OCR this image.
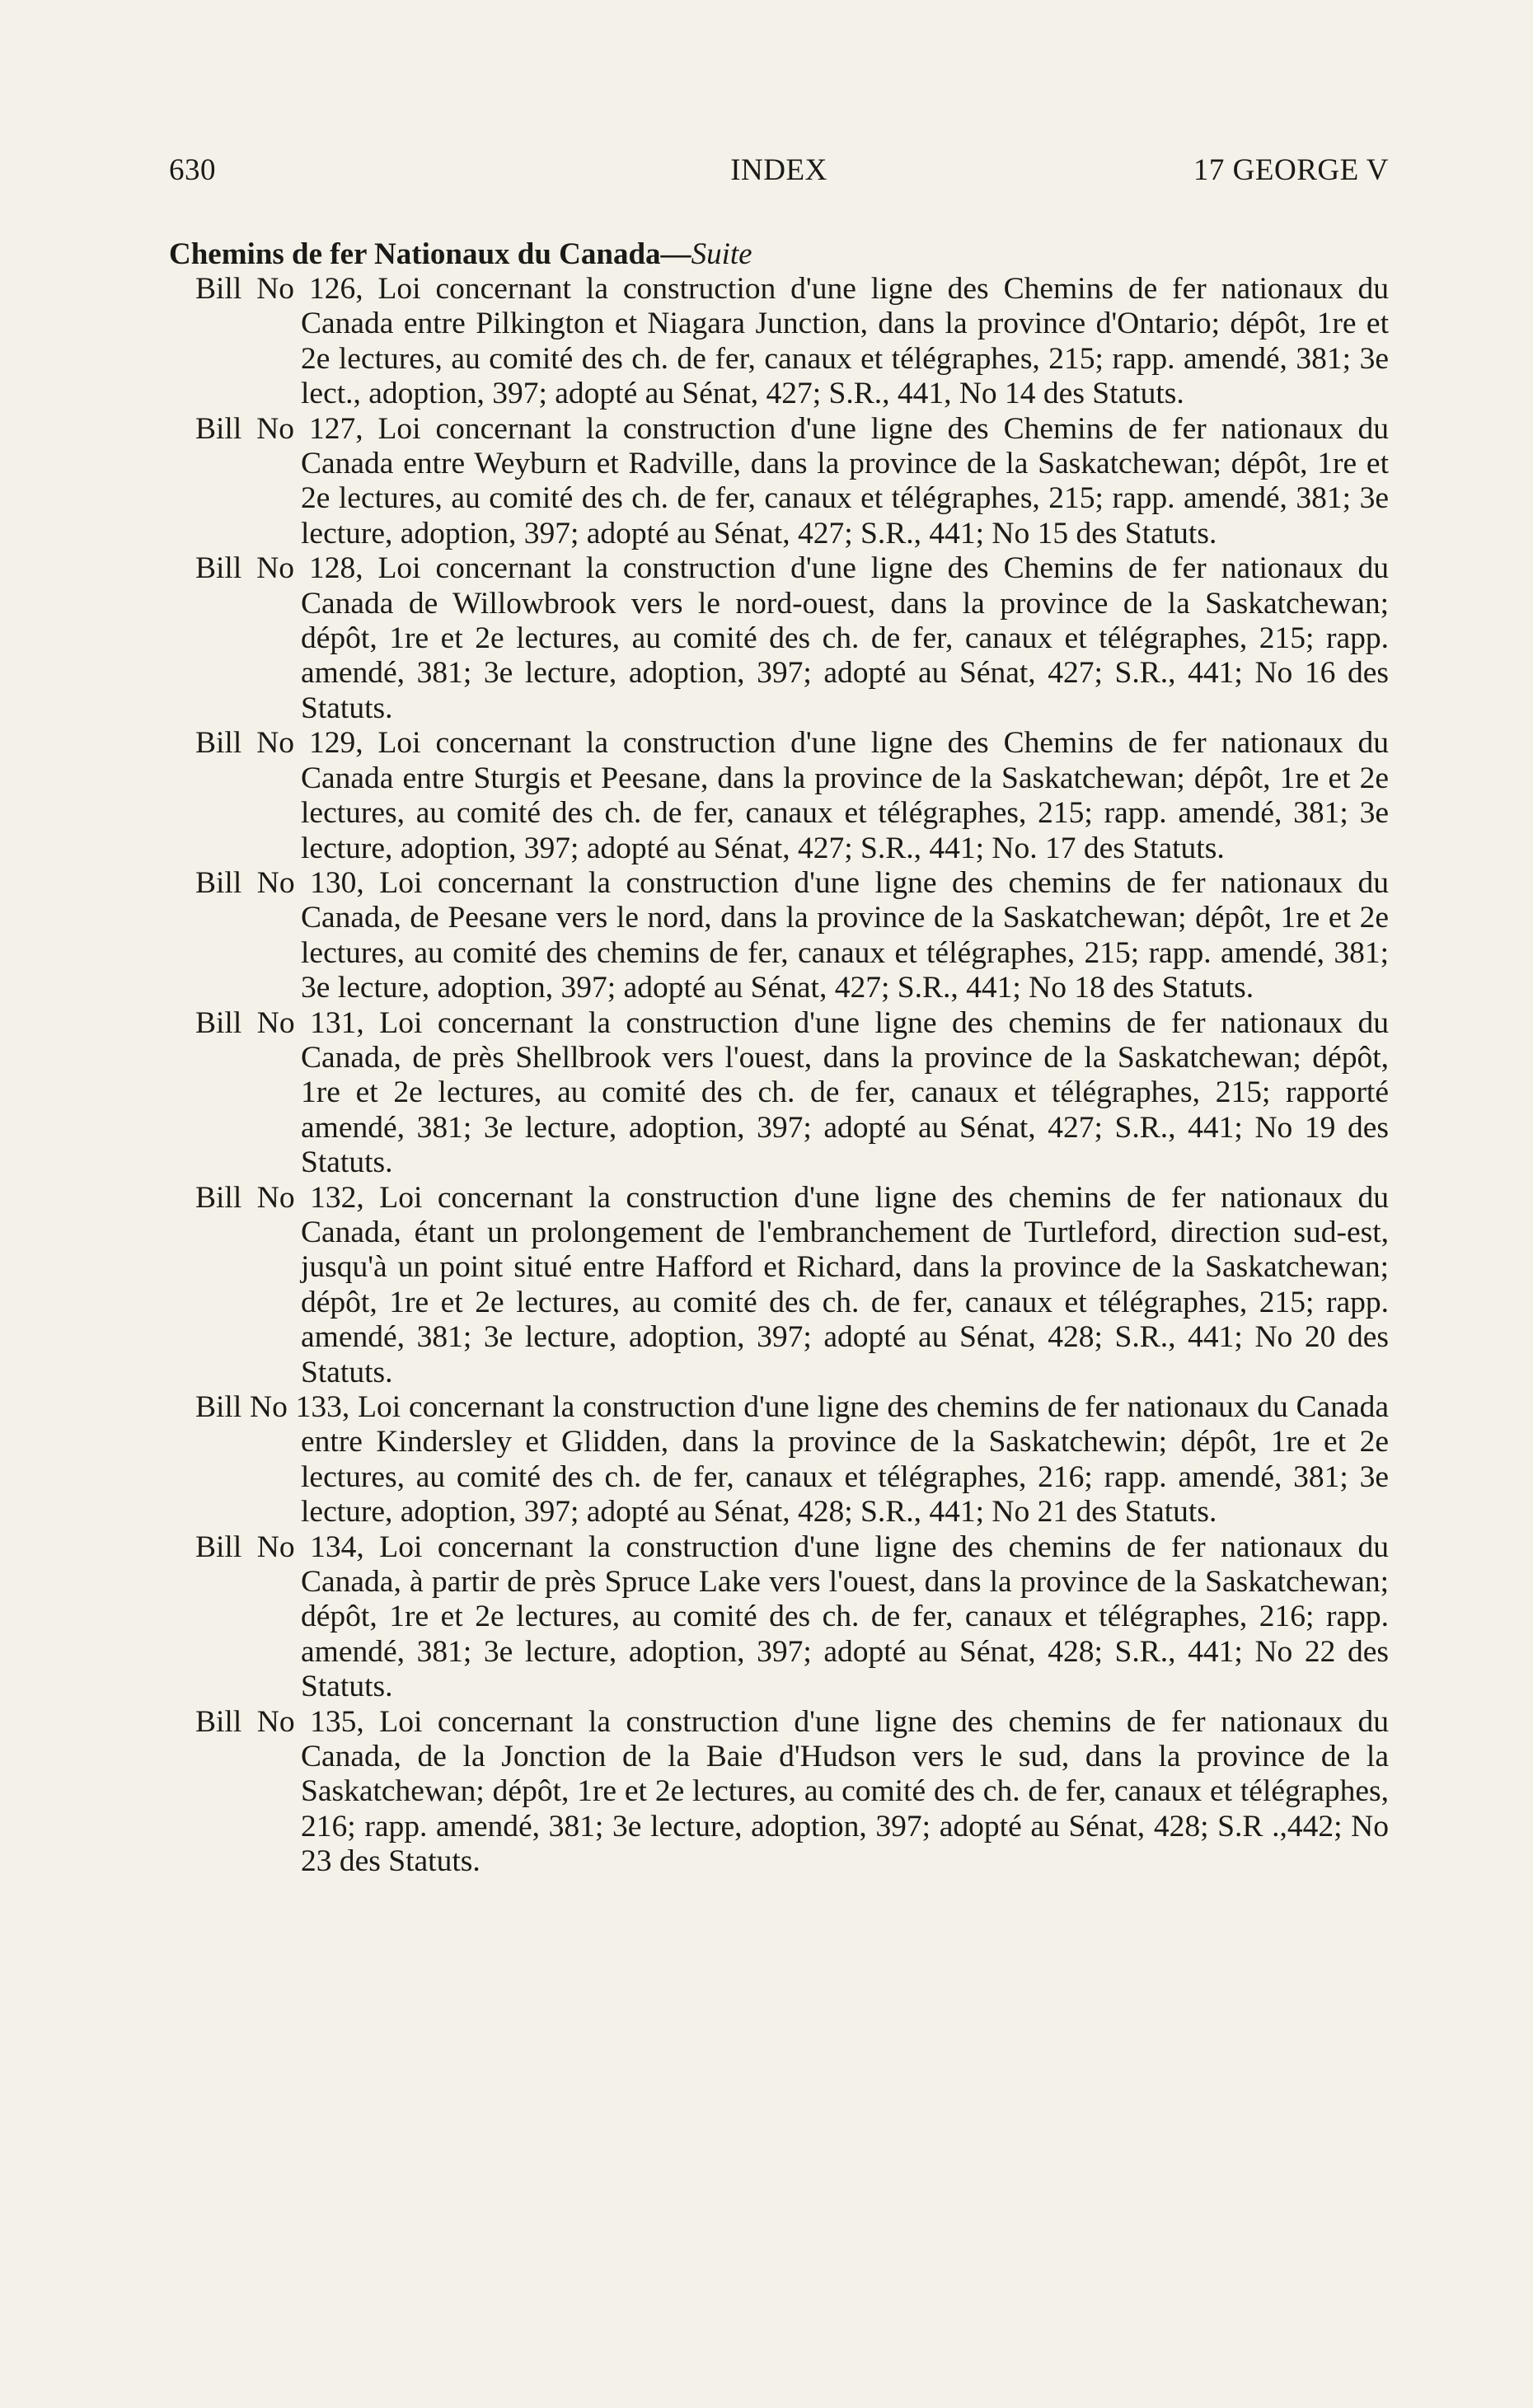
630	INDEX	17 GEORGE V
Chemins de fer Nationaux du Canada—Suite

Bill No 126, Loi concernant la construction d'une ligne des Chemins de fer nationaux du Canada entre Pilkington et Niagara Junction, dans la province d'Ontario; dépôt, 1re et 2e lectures, au comité des ch. de fer, canaux et télégraphes, 215; rapp. amendé, 381; 3e lect., adoption, 397; adopté au Sénat, 427; S.R., 441, No 14 des Statuts.

Bill No 127, Loi concernant la construction d'une ligne des Chemins de fer nationaux du Canada entre Weyburn et Radville, dans la province de la Saskatchewan; dépôt, 1re et 2e lectures, au comité des ch. de fer, canaux et télégraphes, 215; rapp. amendé, 381; 3e lecture, adoption, 397; adopté au Sénat, 427; S.R., 441; No 15 des Statuts.

Bill No 128, Loi concernant la construction d'une ligne des Chemins de fer nationaux du Canada de Willowbrook vers le nord-ouest, dans la province de la Saskatchewan; dépôt, 1re et 2e lectures, au comité des ch. de fer, canaux et télégraphes, 215; rapp. amendé, 381; 3e lecture, adoption, 397; adopté au Sénat, 427; S.R., 441; No 16 des Statuts.

Bill No 129, Loi concernant la construction d'une ligne des Chemins de fer nationaux du Canada entre Sturgis et Peesane, dans la province de la Saskatchewan; dépôt, 1re et 2e lectures, au comité des ch. de fer, canaux et télégraphes, 215; rapp. amendé, 381; 3e lecture, adoption, 397; adopté au Sénat, 427; S.R., 441; No. 17 des Statuts.

Bill No 130, Loi concernant la construction d'une ligne des chemins de fer nationaux du Canada, de Peesane vers le nord, dans la province de la Saskatchewan; dépôt, 1re et 2e lectures, au comité des chemins de fer, canaux et télégraphes, 215; rapp. amendé, 381; 3e lecture, adoption, 397; adopté au Sénat, 427; S.R., 441; No 18 des Statuts.

Bill No 131, Loi concernant la construction d'une ligne des chemins de fer nationaux du Canada, de près Shellbrook vers l'ouest, dans la province de la Saskatchewan; dépôt, 1re et 2e lectures, au comité des ch. de fer, canaux et télégraphes, 215; rapporté amendé, 381; 3e lecture, adoption, 397; adopté au Sénat, 427; S.R., 441; No 19 des Statuts.

Bill No 132, Loi concernant la construction d'une ligne des chemins de fer nationaux du Canada, étant un prolongement de l'embranchement de Turtleford, direction sud-est, jusqu'à un point situé entre Hafford et Richard, dans la province de la Saskatchewan; dépôt, 1re et 2e lectures, au comité des ch. de fer, canaux et télégraphes, 215; rapp. amendé, 381; 3e lecture, adoption, 397; adopté au Sénat, 428; S.R., 441; No 20 des Statuts.

Bill No 133, Loi concernant la construction d'une ligne des chemins de fer nationaux du Canada entre Kindersley et Glidden, dans la province de la Saskatchewin; dépôt, 1re et 2e lectures, au comité des ch. de fer, canaux et télégraphes, 216; rapp. amendé, 381; 3e lecture, adoption, 397; adopté au Sénat, 428; S.R., 441; No 21 des Statuts.

Bill No 134, Loi concernant la construction d'une ligne des chemins de fer nationaux du Canada, à partir de près Spruce Lake vers l'ouest, dans la province de la Saskatchewan; dépôt, 1re et 2e lectures, au comité des ch. de fer, canaux et télégraphes, 216; rapp. amendé, 381; 3e lecture, adoption, 397; adopté au Sénat, 428; S.R., 441; No 22 des Statuts.

Bill No 135, Loi concernant la construction d'une ligne des chemins de fer nationaux du Canada, de la Jonction de la Baie d'Hudson vers le sud, dans la province de la Saskatchewan; dépôt, 1re et 2e lectures, au comité des ch. de fer, canaux et télégraphes, 216; rapp. amendé, 381; 3e lecture, adoption, 397; adopté au Sénat, 428; S.R .,442; No 23 des Statuts.
